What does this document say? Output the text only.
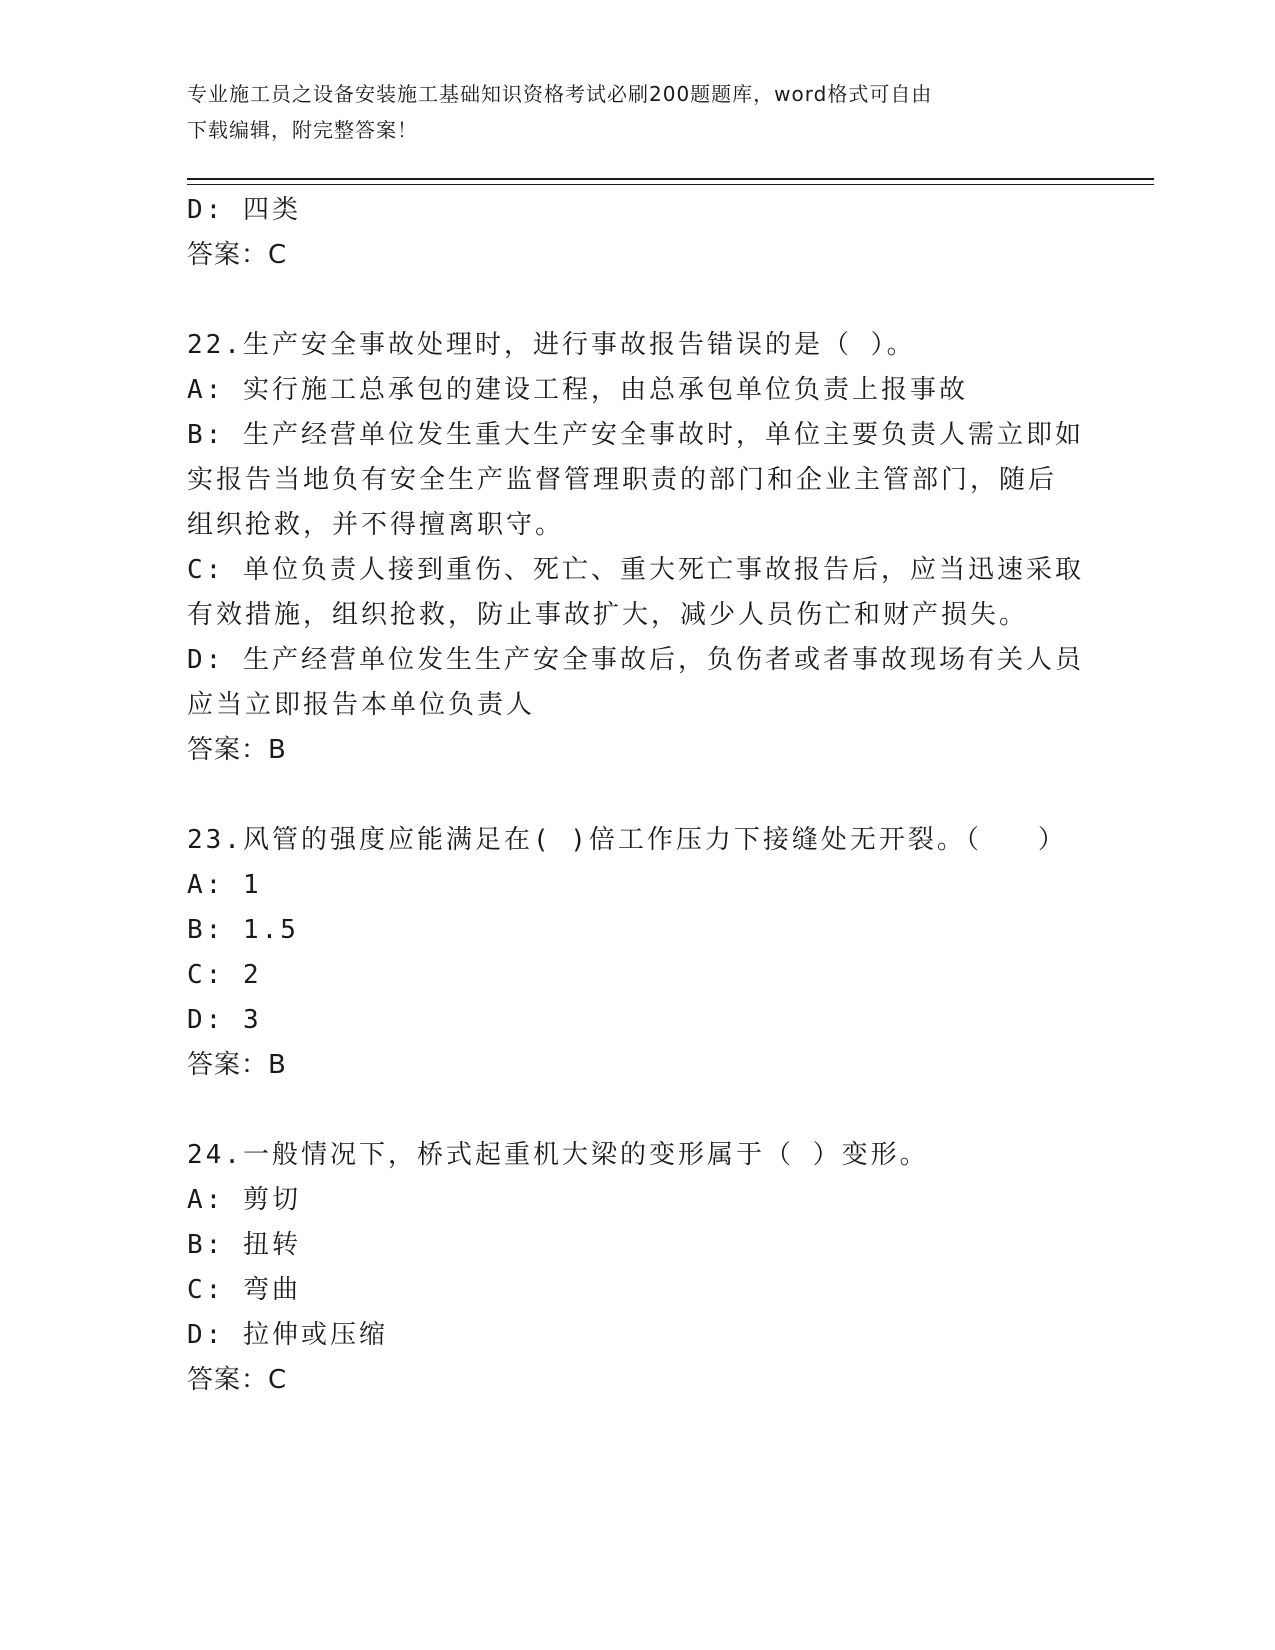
专业施工员之设备安装施工基础知识资格考试必刷200题题库，word格式可自由
下载编辑，附完整答案！
D: 四类
答案：C
22.生产安全事故处理时，进行事故报告错误的是（ ）。
A: 实行施工总承包的建设工程，由总承包单位负责上报事故
B: 生产经营单位发生重大生产安全事故时，单位主要负责人需立即如
实报告当地负有安全生产监督管理职责的部门和企业主管部门，随后
组织抢救，并不得擅离职守。
C: 单位负责人接到重伤、死亡、重大死亡事故报告后，应当迅速采取
有效措施，组织抢救，防止事故扩大，减少人员伤亡和财产损失。
D: 生产经营单位发生生产安全事故后，负伤者或者事故现场有关人员
应当立即报告本单位负责人
答案：B
23.风管的强度应能满足在( )倍工作压力下接缝处无开裂。（   ）
A: 1
B: 1.5
C: 2
D: 3
答案：B
24.一般情况下，桥式起重机大梁的变形属于（ ）变形。
A: 剪切
B: 扭转
C: 弯曲
D: 拉伸或压缩
答案：C
